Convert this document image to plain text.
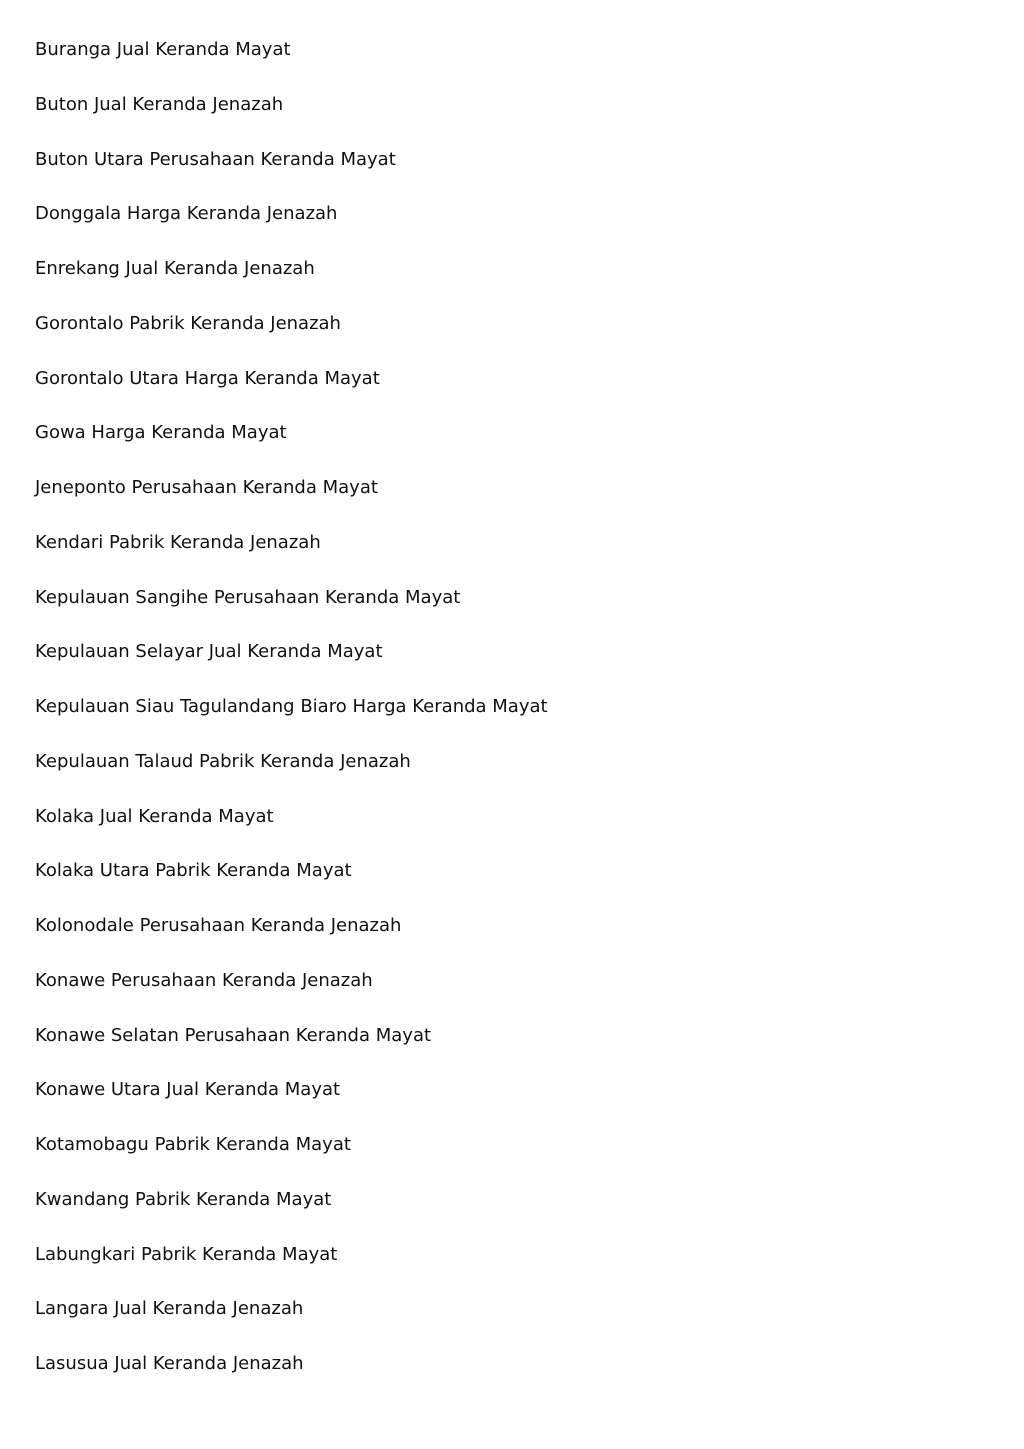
Buranga Jual Keranda Mayat
Buton Jual Keranda Jenazah
Buton Utara Perusahaan Keranda Mayat
Donggala Harga Keranda Jenazah
Enrekang Jual Keranda Jenazah
Gorontalo Pabrik Keranda Jenazah
Gorontalo Utara Harga Keranda Mayat
Gowa Harga Keranda Mayat
Jeneponto Perusahaan Keranda Mayat
Kendari Pabrik Keranda Jenazah
Kepulauan Sangihe Perusahaan Keranda Mayat
Kepulauan Selayar Jual Keranda Mayat
Kepulauan Siau Tagulandang Biaro Harga Keranda Mayat
Kepulauan Talaud Pabrik Keranda Jenazah
Kolaka Jual Keranda Mayat
Kolaka Utara Pabrik Keranda Mayat
Kolonodale Perusahaan Keranda Jenazah
Konawe Perusahaan Keranda Jenazah
Konawe Selatan Perusahaan Keranda Mayat
Konawe Utara Jual Keranda Mayat
Kotamobagu Pabrik Keranda Mayat
Kwandang Pabrik Keranda Mayat
Labungkari Pabrik Keranda Mayat
Langara Jual Keranda Jenazah
Lasusua Jual Keranda Jenazah
